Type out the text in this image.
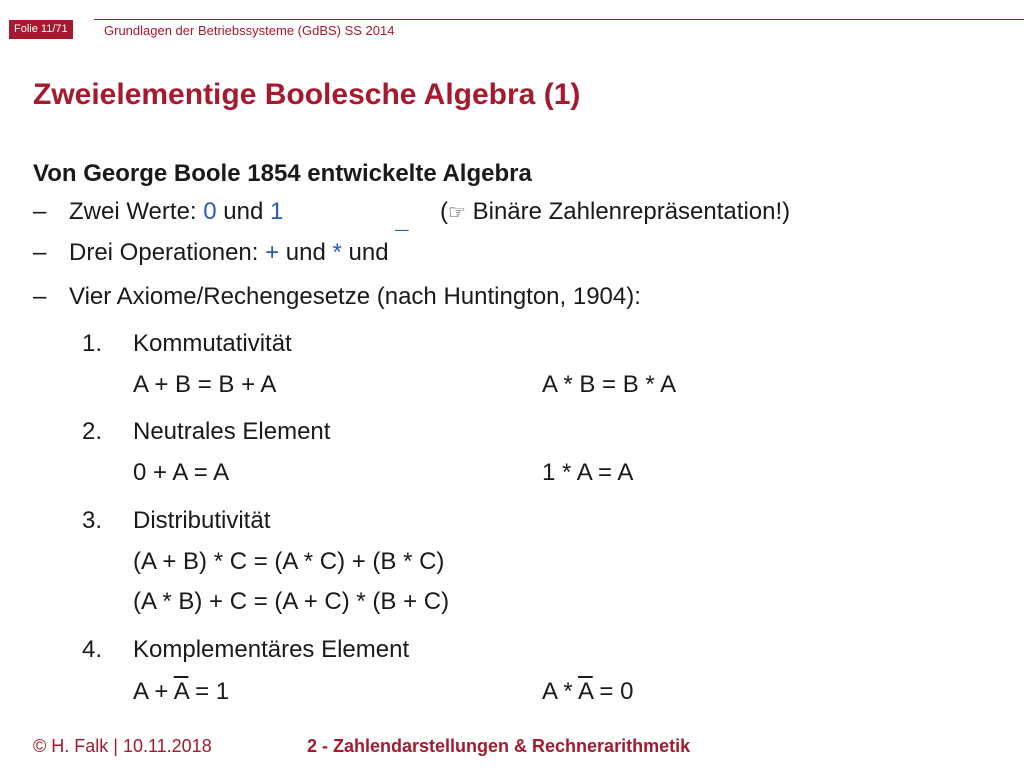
Folie 11/71	Grundlagen der Betriebssysteme (GdBS) SS 2014
Zweielementige Boolesche Algebra (1)
Von George Boole 1854 entwickelte Algebra
– Zwei Werte: 0 und 1	(☞ Binäre Zahlenrepräsentation!)
– Drei Operationen: + und * und ¯
– Vier Axiome/Rechengesetze (nach Huntington, 1904):
1. Kommutativität
A + B = B + A	A * B = B * A
2. Neutrales Element
0 + A = A	1 * A = A
3. Distributivität
(A + B) * C = (A * C) + (B * C)
(A * B) + C = (A + C) * (B + C)
4. Komplementäres Element
$A + \overline{A} = 1$	$A * \overline{A} = 0$
© H. Falk | 10.11.2018	2 - Zahlendarstellungen & Rechnerarithmetik
